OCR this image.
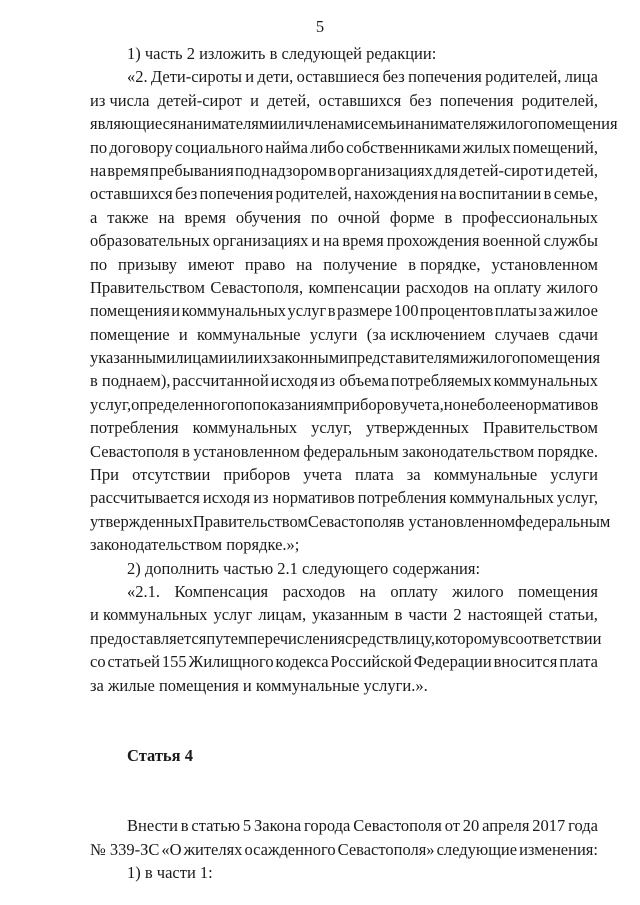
5
1) часть 2 изложить в следующей редакции:
«2. Дети-сироты и дети, оставшиеся без попечения родителей, лица
из числа детей-сирот и детей, оставшихся без попечения родителей,
являющиеся нанимателями или членами семьи нанимателя жилого помещения
по договору социального найма либо собственниками жилых помещений,
на время пребывания под надзором в организациях для детей-сирот и детей,
оставшихся без попечения родителей, нахождения на воспитании в семье,
а также на время обучения по очной форме в профессиональных
образовательных организациях и на время прохождения военной службы
по призыву имеют право на получение в порядке, установленном
Правительством Севастополя, компенсации расходов на оплату жилого
помещения и коммунальных услуг в размере 100 процентов платы за жилое
помещение и коммунальные услуги (за исключением случаев сдачи
указанными лицами или их законными представителями жилого помещения
в поднаем), рассчитанной исходя из объема потребляемых коммунальных
услуг, определенного по показаниям приборов учета, но не более нормативов
потребления коммунальных услуг, утвержденных Правительством
Севастополя в установленном федеральным законодательством порядке.
При отсутствии приборов учета плата за коммунальные услуги
рассчитывается исходя из нормативов потребления коммунальных услуг,
утвержденных Правительством Севастополя в установленном федеральным
законодательством порядке.»;
2) дополнить частью 2.1 следующего содержания:
«2.1. Компенсация расходов на оплату жилого помещения
и коммунальных услуг лицам, указанным в части 2 настоящей статьи,
предоставляется путем перечисления средств лицу, которому в соответствии
со статьей 155 Жилищного кодекса Российской Федерации вносится плата
за жилые помещения и коммунальные услуги.».
Статья 4
Внести в статью 5 Закона города Севастополя от 20 апреля 2017 года
№ 339-ЗС «О жителях осажденного Севастополя» следующие изменения:
1) в части 1:
